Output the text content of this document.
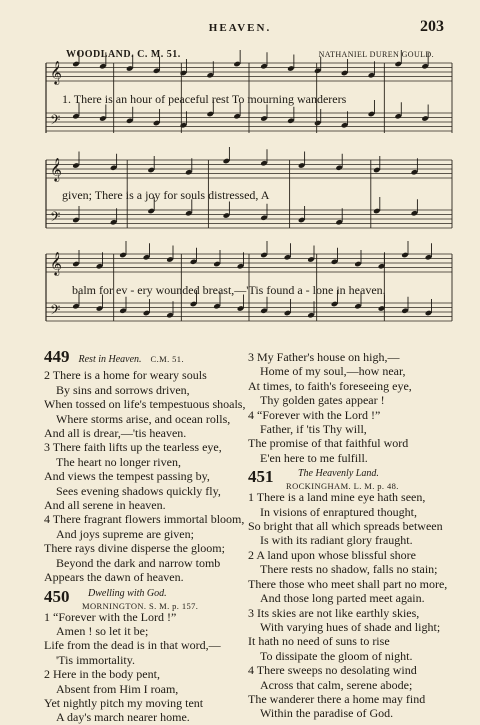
HEAVEN.	203
WOODLAND. C. M. 51.	NATHANIEL DUREN GOULD.
𝄞
𝄢
𝄞
𝄢
𝄞
𝄢
1. There is an hour of peaceful rest To mourning wanderers
given; There is a joy for souls distressed, A
balm for ev - ery wounded breast,—'Tis found a - lone in heaven.
449 Rest in Heaven. C.M. 51.
2 There is a home for weary souls
By sins and sorrows driven,
When tossed on life's tempestuous shoals,
Where storms arise, and ocean rolls,
And all is drear,—'tis heaven.
3 There faith lifts up the tearless eye,
The heart no longer riven,
And views the tempest passing by,
Sees evening shadows quickly fly,
And all serene in heaven.
4 There fragrant flowers immortal bloom,
And joys supreme are given;
There rays divine disperse the gloom;
Beyond the dark and narrow tomb
Appears the dawn of heaven.
450 Dwelling with God.
MORNINGTON. S. M. p. 157.
1 “Forever with the Lord !”
Amen ! so let it be;
Life from the dead is in that word,—
'Tis immortality.
2 Here in the body pent,
Absent from Him I roam,
Yet nightly pitch my moving tent
A day's march nearer home.
3 My Father's house on high,—
Home of my soul,—how near,
At times, to faith's foreseeing eye,
Thy golden gates appear !
4 “Forever with the Lord !”
Father, if 'tis Thy will,
The promise of that faithful word
E'en here to me fulfill.
451 The Heavenly Land.
ROCKINGHAM. L. M. p. 48.
1 There is a land mine eye hath seen,
In visions of enraptured thought,
So bright that all which spreads between
Is with its radiant glory fraught.
2 A land upon whose blissful shore
There rests no shadow, falls no stain;
There those who meet shall part no more,
And those long parted meet again.
3 Its skies are not like earthly skies,
With varying hues of shade and light;
It hath no need of suns to rise
To dissipate the gloom of night.
4 There sweeps no desolating wind
Across that calm, serene abode;
The wanderer there a home may find
Within the paradise of God.
